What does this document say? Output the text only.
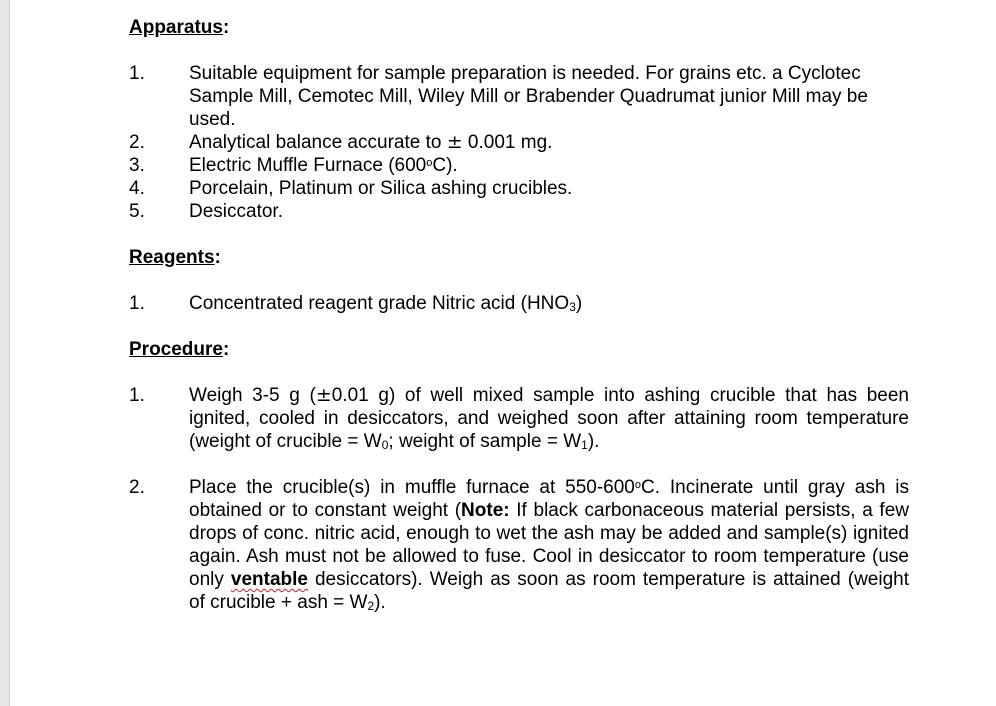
Apparatus:
1.	Suitable equipment for sample preparation is needed. For grains etc. a Cyclotec Sample Mill, Cemotec Mill, Wiley Mill or Brabender Quadrumat junior Mill may be used.
2.	Analytical balance accurate to ± 0.001 mg.
3.	Electric Muffle Furnace (600$^o$C).
4.	Porcelain, Platinum or Silica ashing crucibles.
5.	Desiccator.
Reagents:
1.	Concentrated reagent grade Nitric acid $(HNO_3)$
Procedure:
1.	Weigh 3-5 g (±0.01 g) of well mixed sample into ashing crucible that has been ignited, cooled in desiccators, and weighed soon after attaining room temperature (weight of crucible = $W_0$; weight of sample = $W_1$).
2.	Place the crucible(s) in muffle furnace at 550-600$^o$C. Incinerate until gray ash is obtained or to constant weight (Note: If black carbonaceous material persists, a few drops of conc. nitric acid, enough to wet the ash may be added and sample(s) ignited again. Ash must not be allowed to fuse. Cool in desiccator to room temperature (use only ventable desiccators). Weigh as soon as room temperature is attained (weight of crucible + ash = $W_2$).
